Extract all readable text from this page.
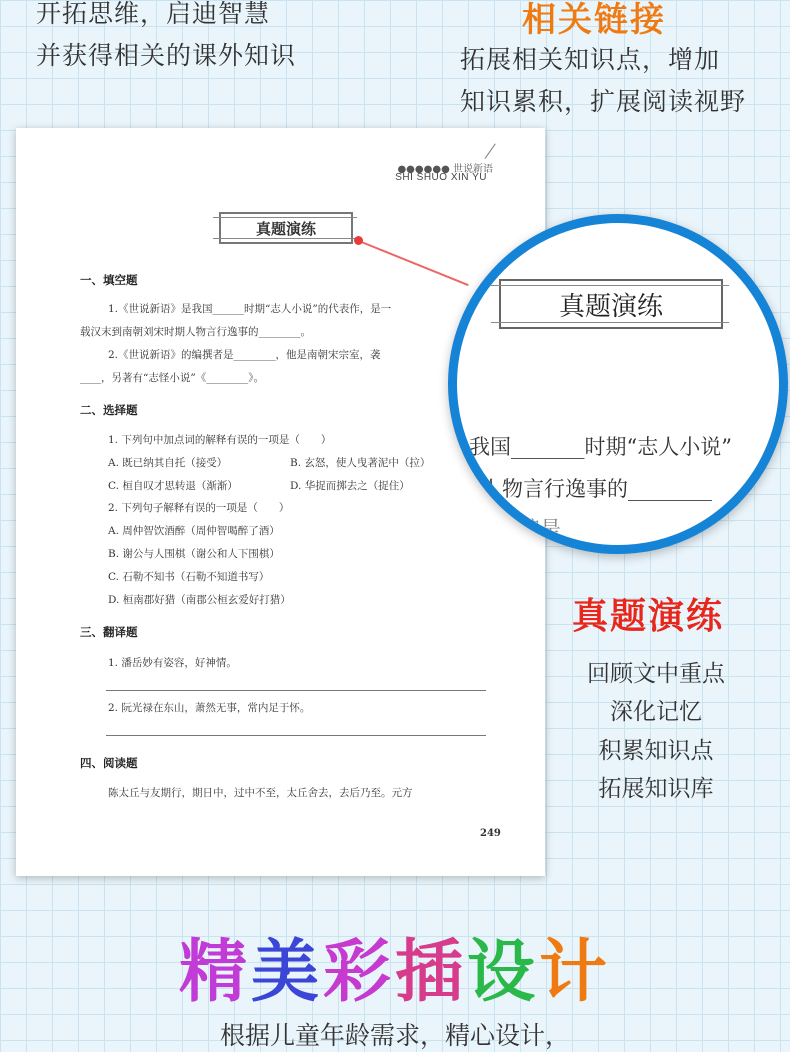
开拓思维，启迪智慧
并获得相关的课外知识
相关链接
拓展相关知识点，增加
知识累积，扩展阅读视野
●●●●●● 世说新语
SHI SHUO XIN YU
真题演练
一、填空题
1.《世说新语》是我国______时期“志人小说”的代表作，是一
载汉末到南朝刘宋时期人物言行逸事的________。
2.《世说新语》的编撰者是________，他是南朝宋宗室，袭
____，另著有“志怪小说”《________》。
二、选择题
1. 下列句中加点词的解释有误的一项是（　　）
A. 既已纳其自托（接受）	B. 玄怒，使人曳著泥中（拉）
C. 桓自叹才思转退（渐渐）	D. 华捉而掷去之（捉住）
2. 下列句子解释有误的一项是（　　）
A. 周仲智饮酒醉（周仲智喝醉了酒）
B. 谢公与人围棋（谢公和人下围棋）
C. 石勒不知书（石勒不知道书写）
D. 桓南郡好猎（南郡公桓玄爱好打猎）
三、翻译题
1. 潘岳妙有姿容，好神情。
2. 阮光禄在东山，萧然无事，常内足于怀。
四、阅读题
陈太丘与友期行，期日中，过中不至，太丘舍去，去后乃至。元方
249
真题演练
我国_______时期“志人小说”
人物言行逸事的________
编是
真题演练
回顾文中重点
深化记忆
积累知识点
拓展知识库
精美彩插设计
根据儿童年龄需求，精心设计，
